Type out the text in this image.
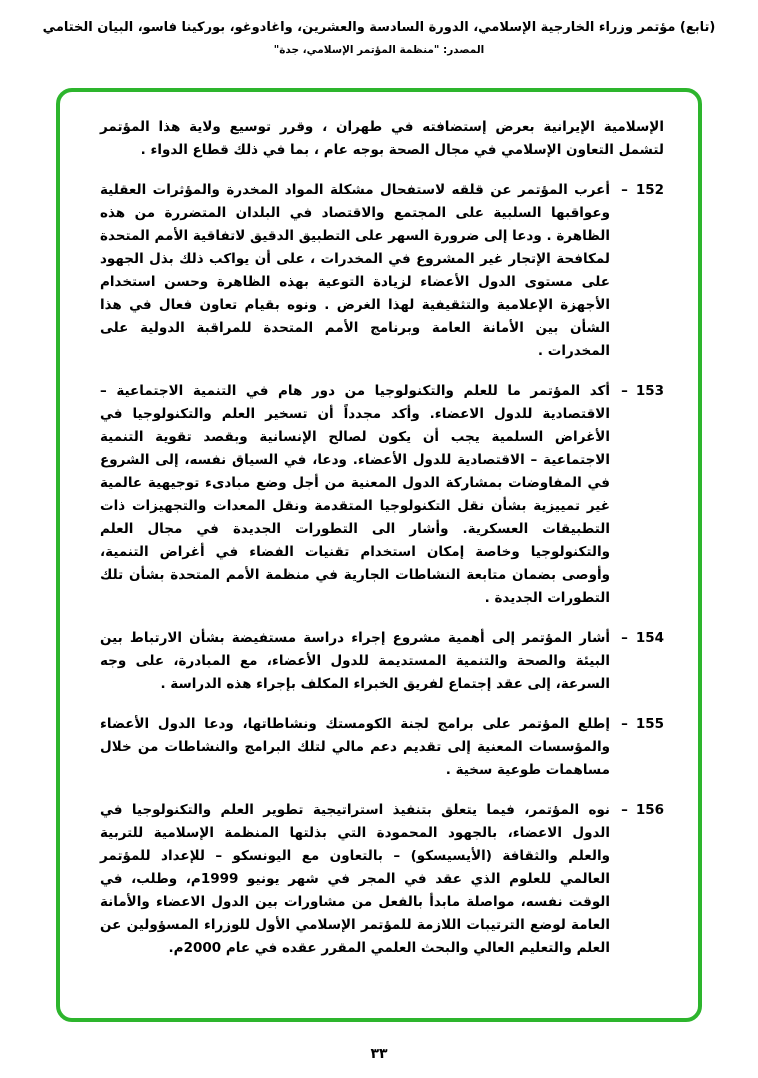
(تابع) مؤتمر وزراء الخارجية الإسلامي، الدورة السادسة والعشرين، واغادوغو، بوركينا فاسو، البيان الختامي
المصدر: "منظمة المؤتمر الإسلامي، جدة"

الإسلامية الإيرانية بعرض إستضافته في طهران ، وقرر توسيع ولاية هذا المؤتمر لتشمل التعاون الإسلامي في مجال الصحة بوجه عام ، بما في ذلك قطاع الدواء .

152
–

أعرب المؤتمر عن قلقه لاستفحال مشكلة المواد المخدرة والمؤثرات العقلية وعواقبها السلبية على المجتمع والاقتصاد في البلدان المتضررة من هذه الظاهرة . ودعا إلى ضرورة السهر على التطبيق الدقيق لاتفاقية الأمم المتحدة لمكافحة الإتجار غير المشروع في المخدرات ، على أن يواكب ذلك بذل الجهود على مستوى الدول الأعضاء لزيادة التوعية بهذه الظاهرة وحسن استخدام الأجهزة الإعلامية والتثقيفية لهذا الغرض . ونوه بقيام تعاون فعال في هذا الشأن بين الأمانة العامة وبرنامج الأمم المتحدة للمراقبة الدولية على المخدرات .

153
–

أكد المؤتمر ما للعلم والتكنولوجيا من دور هام في التنمية الاجتماعية – الاقتصادية للدول الاعضاء. وأكد مجدداً أن تسخير العلم والتكنولوجيا في الأغراض السلمية يجب أن يكون لصالح الإنسانية وبقصد تقوية التنمية الاجتماعية – الاقتصادية للدول الأعضاء. ودعا، في السياق نفسه، إلى الشروع في المفاوضات بمشاركة الدول المعنية من أجل وضع مبادىء توجيهية عالمية غير تمييزية بشأن نقل التكنولوجيا المتقدمة ونقل المعدات والتجهيزات ذات التطبيقات العسكرية. وأشار الى التطورات الجديدة في مجال العلم والتكنولوجيا وخاصة إمكان استخدام تقنيات الفضاء في أغراض التنمية، وأوصى بضمان متابعة النشاطات الجارية في منظمة الأمم المتحدة بشأن تلك التطورات الجديدة .

154
–

أشار المؤتمر إلى أهمية مشروع إجراء دراسة مستفيضة بشأن الارتباط بين البيئة والصحة والتنمية المستديمة للدول الأعضاء، مع المبادرة، على وجه السرعة، إلى عقد إجتماع لفريق الخبراء المكلف بإجراء هذه الدراسة .

155
–

إطلع المؤتمر على برامج لجنة الكومستك ونشاطاتها، ودعا الدول الأعضاء والمؤسسات المعنية إلى تقديم دعم مالي لتلك البرامج والنشاطات من خلال مساهمات طوعية سخية .

156
–

نوه المؤتمر، فيما يتعلق بتنفيذ استراتيجية تطوير العلم والتكنولوجيا في الدول الاعضاء، بالجهود المحمودة التي بذلتها المنظمة الإسلامية للتربية والعلم والثقافة (الأيسيسكو) – بالتعاون مع اليونسكو – للإعداد للمؤتمر العالمي للعلوم الذي عقد في المجر في شهر يونيو 1999م، وطلب، في الوقت نفسه، مواصلة مابدأ بالفعل من مشاورات بين الدول الاعضاء والأمانة العامة لوضع الترتيبات اللازمة للمؤتمر الإسلامي الأول للوزراء المسؤولين عن العلم والتعليم العالي والبحث العلمي المقرر عقده في عام 2000م.

٣٣
